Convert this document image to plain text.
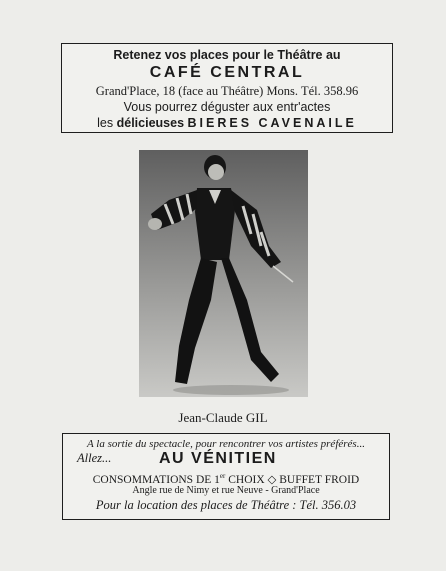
Retenez vos places pour le Théâtre au
CAFÉ CENTRAL
Grand'Place, 18 (face au Théâtre) Mons. Tél. 358.96
Vous pourrez déguster aux entr'actes
les délicieuses BIERES CAVENAILE
Jean-Claude GIL
A la sortie du spectacle, pour rencontrer vos artistes préférés...
Allez...	AU VÉNITIEN
CONSOMMATIONS DE 1er CHOIX ◇ BUFFET FROID
Angle rue de Nimy et rue Neuve - Grand'Place
Pour la location des places de Théâtre : Tél. 356.03
